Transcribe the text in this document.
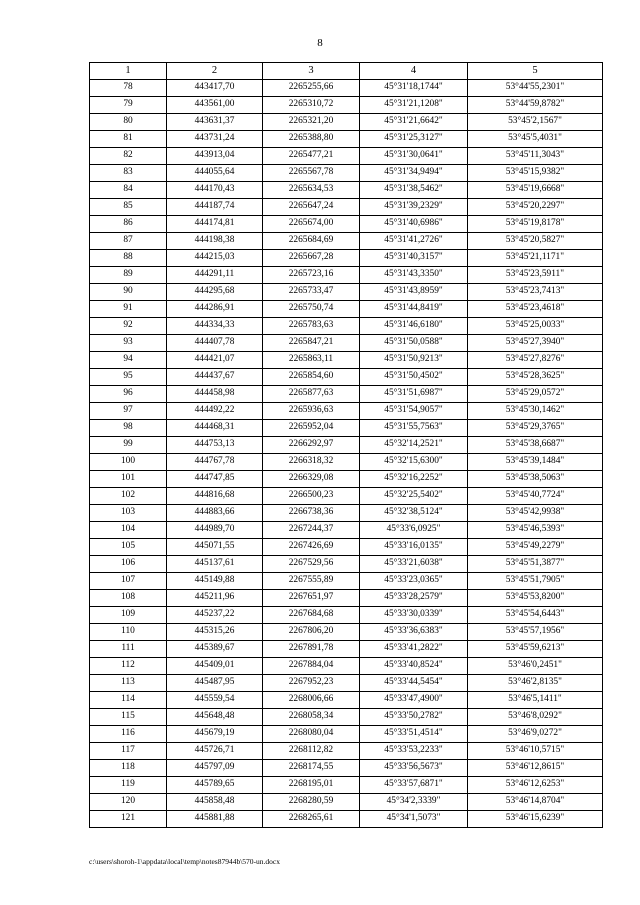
8
1	2	3	4	5
78	443417,70	2265255,66	45°31'18,1744"	53°44'55,2301"
79	443561,00	2265310,72	45°31'21,1208"	53°44'59,8782"
80	443631,37	2265321,20	45°31'21,6642"	53°45'2,1567"
81	443731,24	2265388,80	45°31'25,3127"	53°45'5,4031"
82	443913,04	2265477,21	45°31'30,0641"	53°45'11,3043"
83	444055,64	2265567,78	45°31'34,9494"	53°45'15,9382"
84	444170,43	2265634,53	45°31'38,5462"	53°45'19,6668"
85	444187,74	2265647,24	45°31'39,2329"	53°45'20,2297"
86	444174,81	2265674,00	45°31'40,6986"	53°45'19,8178"
87	444198,38	2265684,69	45°31'41,2726"	53°45'20,5827"
88	444215,03	2265667,28	45°31'40,3157"	53°45'21,1171"
89	444291,11	2265723,16	45°31'43,3350"	53°45'23,5911"
90	444295,68	2265733,47	45°31'43,8959"	53°45'23,7413"
91	444286,91	2265750,74	45°31'44,8419"	53°45'23,4618"
92	444334,33	2265783,63	45°31'46,6180"	53°45'25,0033"
93	444407,78	2265847,21	45°31'50,0588"	53°45'27,3940"
94	444421,07	2265863,11	45°31'50,9213"	53°45'27,8276"
95	444437,67	2265854,60	45°31'50,4502"	53°45'28,3625"
96	444458,98	2265877,63	45°31'51,6987"	53°45'29,0572"
97	444492,22	2265936,63	45°31'54,9057"	53°45'30,1462"
98	444468,31	2265952,04	45°31'55,7563"	53°45'29,3765"
99	444753,13	2266292,97	45°32'14,2521"	53°45'38,6687"
100	444767,78	2266318,32	45°32'15,6300"	53°45'39,1484"
101	444747,85	2266329,08	45°32'16,2252"	53°45'38,5063"
102	444816,68	2266500,23	45°32'25,5402"	53°45'40,7724"
103	444883,66	2266738,36	45°32'38,5124"	53°45'42,9938"
104	444989,70	2267244,37	45°33'6,0925"	53°45'46,5393"
105	445071,55	2267426,69	45°33'16,0135"	53°45'49,2279"
106	445137,61	2267529,56	45°33'21,6038"	53°45'51,3877"
107	445149,88	2267555,89	45°33'23,0365"	53°45'51,7905"
108	445211,96	2267651,97	45°33'28,2579"	53°45'53,8200"
109	445237,22	2267684,68	45°33'30,0339"	53°45'54,6443"
110	445315,26	2267806,20	45°33'36,6383"	53°45'57,1956"
111	445389,67	2267891,78	45°33'41,2822"	53°45'59,6213"
112	445409,01	2267884,04	45°33'40,8524"	53°46'0,2451"
113	445487,95	2267952,23	45°33'44,5454"	53°46'2,8135"
114	445559,54	2268006,66	45°33'47,4900"	53°46'5,1411"
115	445648,48	2268058,34	45°33'50,2782"	53°46'8,0292"
116	445679,19	2268080,04	45°33'51,4514"	53°46'9,0272"
117	445726,71	2268112,82	45°33'53,2233"	53°46'10,5715"
118	445797,09	2268174,55	45°33'56,5673"	53°46'12,8615"
119	445789,65	2268195,01	45°33'57,6871"	53°46'12,6253"
120	445858,48	2268280,59	45°34'2,3339"	53°46'14,8704"
121	445881,88	2268265,61	45°34'1,5073"	53°46'15,6239"
c:\users\shoroh-1\appdata\local\temp\notes87944b\570-un.docx
